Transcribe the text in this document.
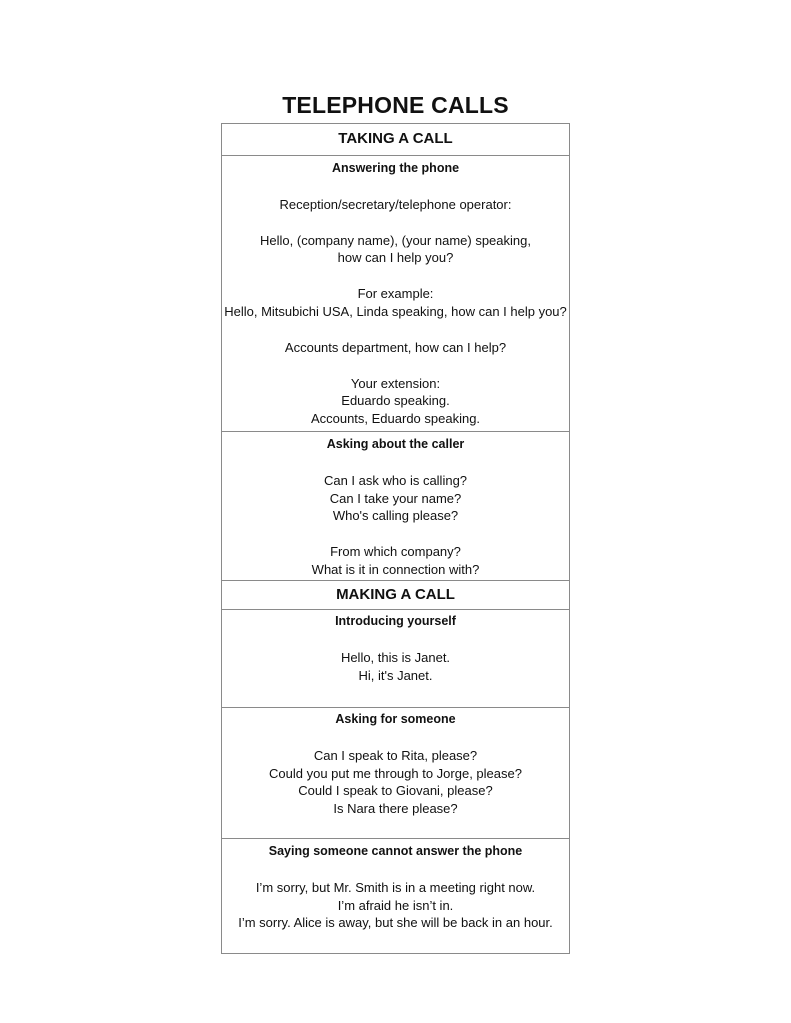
TELEPHONE CALLS
TAKING A CALL
Answering the phone
Reception/secretary/telephone operator:
Hello, (company name), (your name) speaking,
how can I help you?
For example:
Hello, Mitsubichi USA, Linda speaking, how can I help you?
Accounts department, how can I help?
Your extension:
Eduardo speaking.
Accounts, Eduardo speaking.
Asking about the caller
Can I ask who is calling?
Can I take your name?
Who's calling please?
From which company?
What is it in connection with?
MAKING A CALL
Introducing yourself
Hello, this is Janet.
Hi, it's Janet.
Asking for someone
Can I speak to Rita, please?
Could you put me through to Jorge, please?
Could I speak to Giovani, please?
Is Nara there please?
Saying someone cannot answer the phone
I’m sorry, but Mr. Smith is in a meeting right now.
I’m afraid he isn’t in.
I’m sorry. Alice is away, but she will be back in an hour.
